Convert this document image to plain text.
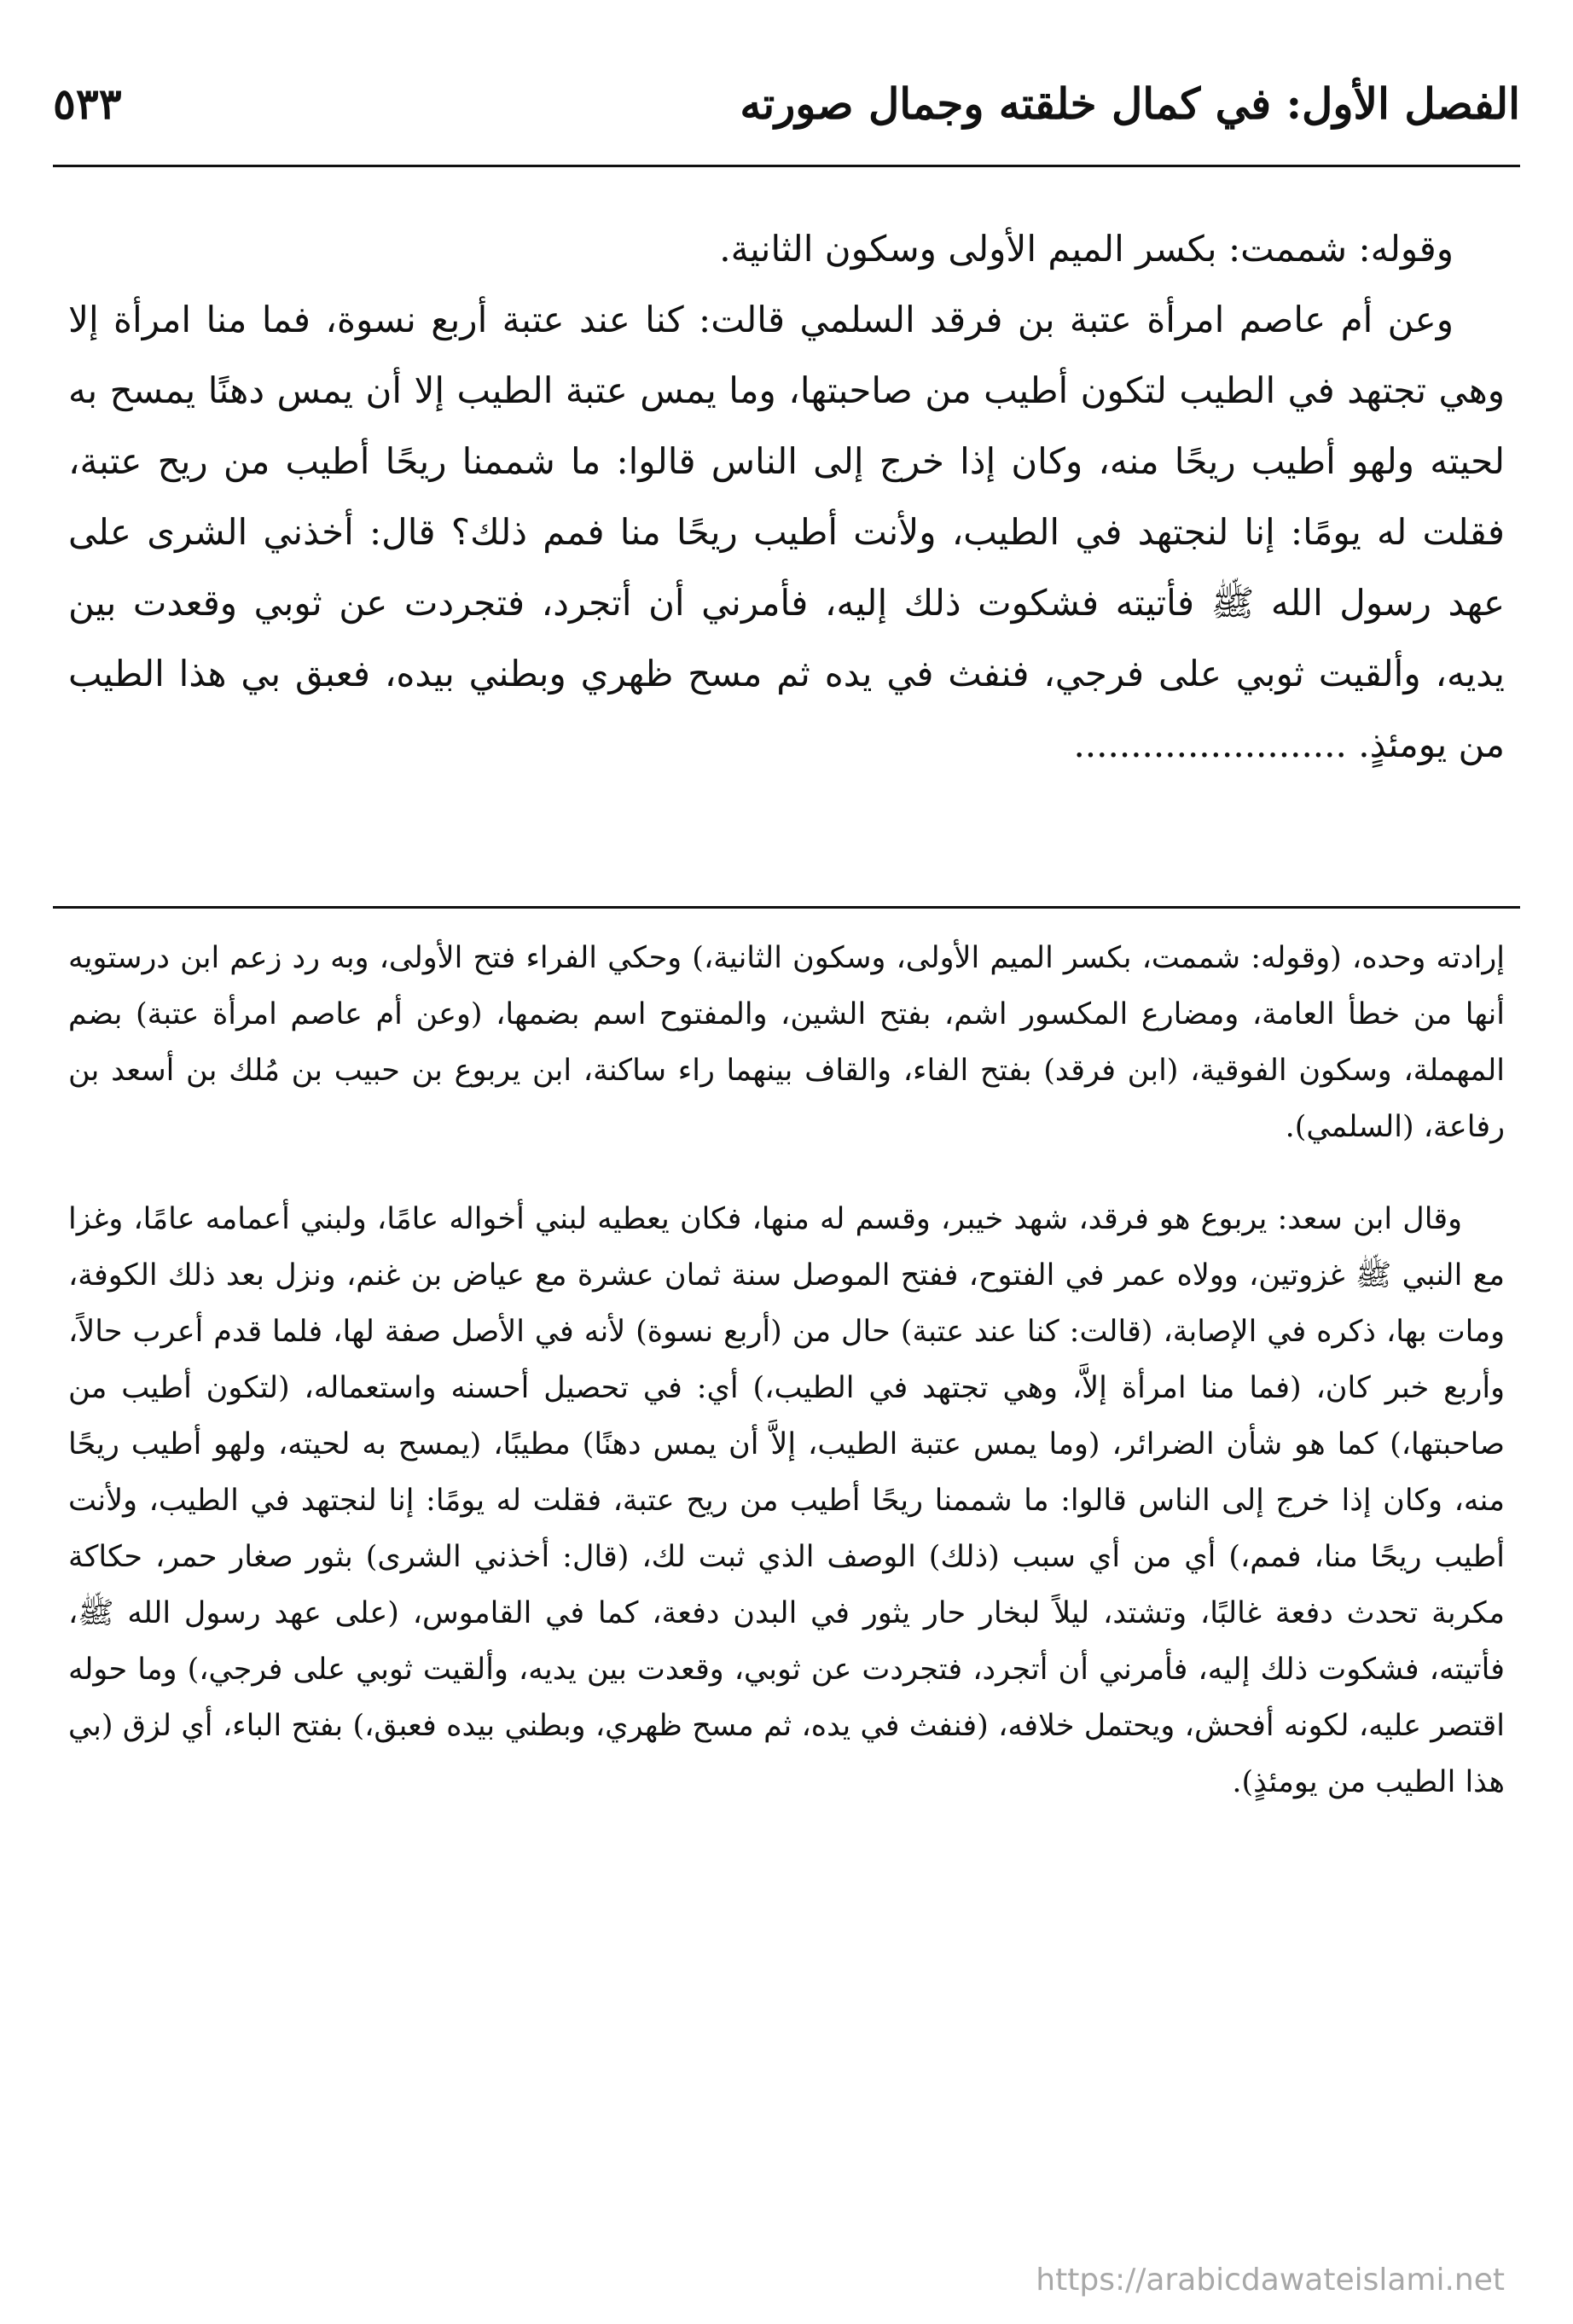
الفصل الأول: في كمال خلقته وجمال صورته
٥٣٣

وقوله: شممت: بكسر الميم الأولى وسكون الثانية.

وعن أم عاصم امرأة عتبة بن فرقد السلمي قالت: كنا عند عتبة أربع نسوة، فما منا امرأة إلا وهي تجتهد في الطيب لتكون أطيب من صاحبتها، وما يمس عتبة الطيب إلا أن يمس دهنًا يمسح به لحيته ولهو أطيب ريحًا منه، وكان إذا خرج إلى الناس قالوا: ما شممنا ريحًا أطيب من ريح عتبة، فقلت له يومًا: إنا لنجتهد في الطيب، ولأنت أطيب ريحًا منا فمم ذلك؟ قال: أخذني الشرى على عهد رسول الله ﷺ فأتيته فشكوت ذلك إليه، فأمرني أن أتجرد، فتجردت عن ثوبي وقعدت بين يديه، وألقيت ثوبي على فرجي، فنفث في يده ثم مسح ظهري وبطني بيده، فعبق بي هذا الطيب من يومئذٍ. ........................

إرادته وحده، (وقوله: شممت، بكسر الميم الأولى، وسكون الثانية،) وحكي الفراء فتح الأولى، وبه رد زعم ابن درستويه أنها من خطأ العامة، ومضارع المكسور اشم، بفتح الشين، والمفتوح اسم بضمها، (وعن أم عاصم امرأة عتبة) بضم المهملة، وسكون الفوقية، (ابن فرقد) بفتح الفاء، والقاف بينهما راء ساكنة، ابن يربوع بن حبيب بن مُلك بن أسعد بن رفاعة، (السلمي).

وقال ابن سعد: يربوع هو فرقد، شهد خيبر، وقسم له منها، فكان يعطيه لبني أخواله عامًا، ولبني أعمامه عامًا، وغزا مع النبي ﷺ غزوتين، وولاه عمر في الفتوح، ففتح الموصل سنة ثمان عشرة مع عياض بن غنم، ونزل بعد ذلك الكوفة، ومات بها، ذكره في الإصابة، (قالت: كنا عند عتبة) حال من (أربع نسوة) لأنه في الأصل صفة لها، فلما قدم أعرب حالاً، وأربع خبر كان، (فما منا امرأة إلاَّ، وهي تجتهد في الطيب،) أي: في تحصيل أحسنه واستعماله، (لتكون أطيب من صاحبتها،) كما هو شأن الضرائر، (وما يمس عتبة الطيب، إلاَّ أن يمس دهنًا) مطيبًا، (يمسح به لحيته، ولهو أطيب ريحًا منه، وكان إذا خرج إلى الناس قالوا: ما شممنا ريحًا أطيب من ريح عتبة، فقلت له يومًا: إنا لنجتهد في الطيب، ولأنت أطيب ريحًا منا، فمم،) أي من أي سبب (ذلك) الوصف الذي ثبت لك، (قال: أخذني الشرى) بثور صغار حمر، حكاكة مكربة تحدث دفعة غالبًا، وتشتد، ليلاً لبخار حار يثور في البدن دفعة، كما في القاموس، (على عهد رسول الله ﷺ، فأتيته، فشكوت ذلك إليه، فأمرني أن أتجرد، فتجردت عن ثوبي، وقعدت بين يديه، وألقيت ثوبي على فرجي،) وما حوله اقتصر عليه، لكونه أفحش، ويحتمل خلافه، (فنفث في يده، ثم مسح ظهري، وبطني بيده فعبق،) بفتح الباء، أي لزق (بي هذا الطيب من يومئذٍ).

https://arabicdawateislami.net
